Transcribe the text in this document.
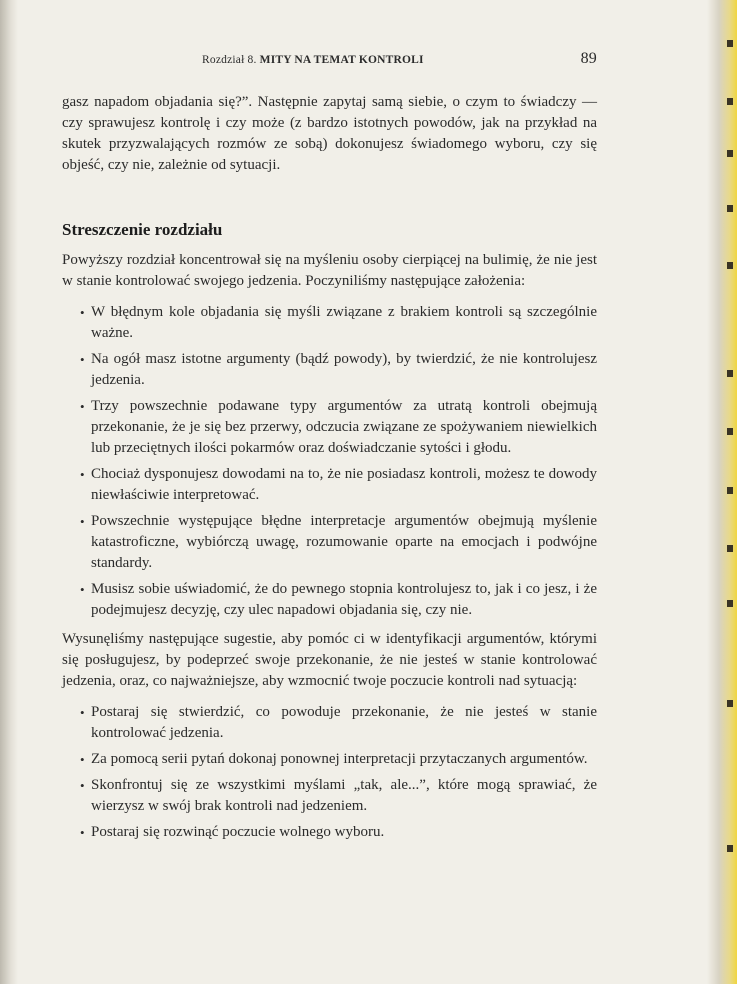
Rozdział 8. MITY NA TEMAT KONTROLI	89

gasz napadom objadania się?”. Następnie zapytaj samą siebie, o czym to świadczy — czy sprawujesz kontrolę i czy może (z bardzo istotnych powodów, jak na przykład na skutek przyzwalających rozmów ze sobą) dokonujesz świadomego wyboru, czy się objeść, czy nie, zależnie od sytuacji.

Streszczenie rozdziału

Powyższy rozdział koncentrował się na myśleniu osoby cierpiącej na bulimię, że nie jest w stanie kontrolować swojego jedzenia. Poczyniliśmy następujące założenia:

• W błędnym kole objadania się myśli związane z brakiem kontroli są szczególnie ważne.
• Na ogół masz istotne argumenty (bądź powody), by twierdzić, że nie kontrolujesz jedzenia.
• Trzy powszechnie podawane typy argumentów za utratą kontroli obejmują przekonanie, że je się bez przerwy, odczucia związane ze spożywaniem niewielkich lub przeciętnych ilości pokarmów oraz doświadczanie sytości i głodu.
• Chociaż dysponujesz dowodami na to, że nie posiadasz kontroli, możesz te dowody niewłaściwie interpretować.
• Powszechnie występujące błędne interpretacje argumentów obejmują myślenie katastroficzne, wybiórczą uwagę, rozumowanie oparte na emocjach i podwójne standardy.
• Musisz sobie uświadomić, że do pewnego stopnia kontrolujesz to, jak i co jesz, i że podejmujesz decyzję, czy ulec napadowi objadania się, czy nie.

Wysunęliśmy następujące sugestie, aby pomóc ci w identyfikacji argumentów, którymi się posługujesz, by podeprzeć swoje przekonanie, że nie jesteś w stanie kontrolować jedzenia, oraz, co najważniejsze, aby wzmocnić twoje poczucie kontroli nad sytuacją:

• Postaraj się stwierdzić, co powoduje przekonanie, że nie jesteś w stanie kontrolować jedzenia.
• Za pomocą serii pytań dokonaj ponownej interpretacji przytaczanych argumentów.
• Skonfrontuj się ze wszystkimi myślami „tak, ale...”, które mogą sprawiać, że wierzysz w swój brak kontroli nad jedzeniem.
• Postaraj się rozwinąć poczucie wolnego wyboru.
